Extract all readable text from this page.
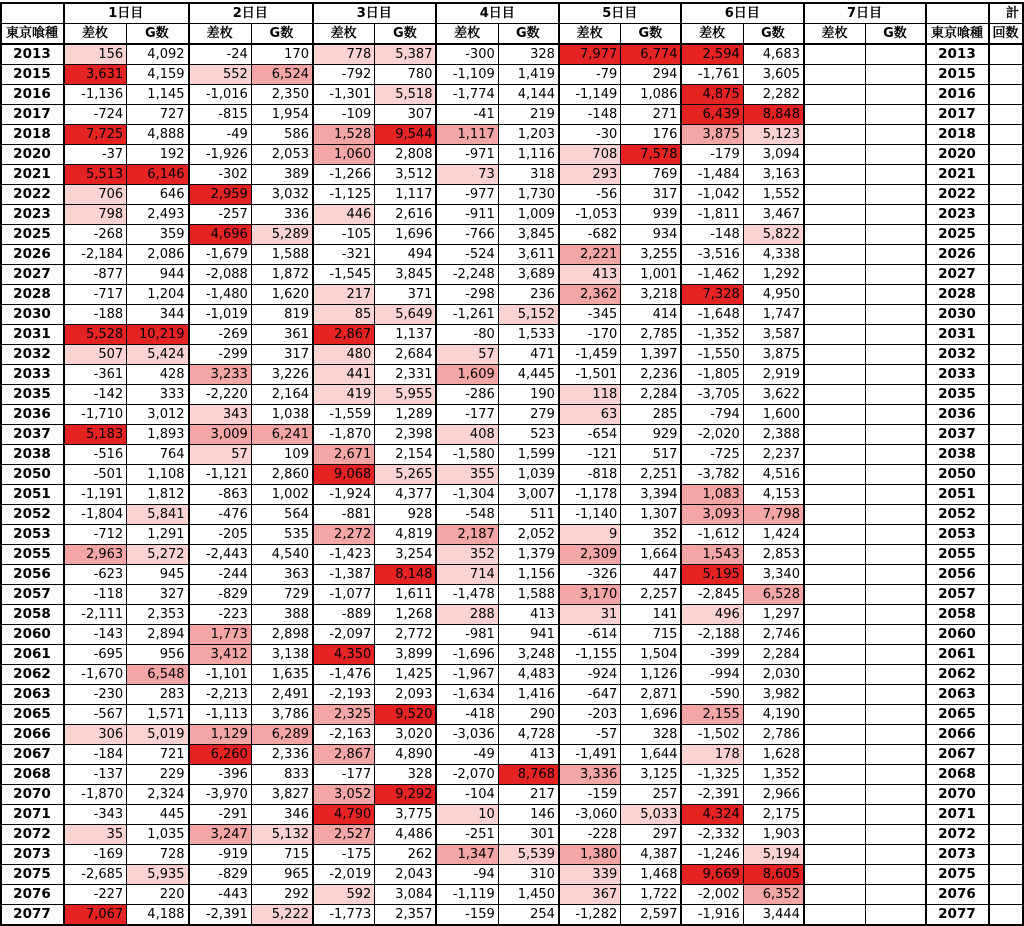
	1日目		2日目		3日目		4日目		5日目		6日目		7日目			計
東京喰種	差枚	G数	差枚	G数	差枚	G数	差枚	G数	差枚	G数	差枚	G数	差枚	G数	東京喰種	回数
2013	156	4,092	-24	170	778	5,387	-300	328	7,977	6,774	2,594	4,683			2013	
2015	3,631	4,159	552	6,524	-792	780	-1,109	1,419	-79	294	-1,761	3,605			2015	
2016	-1,136	1,145	-1,016	2,350	-1,301	5,518	-1,774	4,144	-1,149	1,086	4,875	2,282			2016	
2017	-724	727	-815	1,954	-109	307	-41	219	-148	271	6,439	8,848			2017	
2018	7,725	4,888	-49	586	1,528	9,544	1,117	1,203	-30	176	3,875	5,123			2018	
2020	-37	192	-1,926	2,053	1,060	2,808	-971	1,116	708	7,578	-179	3,094			2020	
2021	5,513	6,146	-302	389	-1,266	3,512	73	318	293	769	-1,484	3,163			2021	
2022	706	646	2,959	3,032	-1,125	1,117	-977	1,730	-56	317	-1,042	1,552			2022	
2023	798	2,493	-257	336	446	2,616	-911	1,009	-1,053	939	-1,811	3,467			2023	
2025	-268	359	4,696	5,289	-105	1,696	-766	3,845	-682	934	-148	5,822			2025	
2026	-2,184	2,086	-1,679	1,588	-321	494	-524	3,611	2,221	3,255	-3,516	4,338			2026	
2027	-877	944	-2,088	1,872	-1,545	3,845	-2,248	3,689	413	1,001	-1,462	1,292			2027	
2028	-717	1,204	-1,480	1,620	217	371	-298	236	2,362	3,218	7,328	4,950			2028	
2030	-188	344	-1,019	819	85	5,649	-1,261	5,152	-345	414	-1,648	1,747			2030	
2031	5,528	10,219	-269	361	2,867	1,137	-80	1,533	-170	2,785	-1,352	3,587			2031	
2032	507	5,424	-299	317	480	2,684	57	471	-1,459	1,397	-1,550	3,875			2032	
2033	-361	428	3,233	3,226	441	2,331	1,609	4,445	-1,501	2,236	-1,805	2,919			2033	
2035	-142	333	-2,220	2,164	419	5,955	-286	190	118	2,284	-3,705	3,622			2035	
2036	-1,710	3,012	343	1,038	-1,559	1,289	-177	279	63	285	-794	1,600			2036	
2037	5,183	1,893	3,009	6,241	-1,870	2,398	408	523	-654	929	-2,020	2,388			2037	
2038	-516	764	57	109	2,671	2,154	-1,580	1,599	-121	517	-725	2,237			2038	
2050	-501	1,108	-1,121	2,860	9,068	5,265	355	1,039	-818	2,251	-3,782	4,516			2050	
2051	-1,191	1,812	-863	1,002	-1,924	4,377	-1,304	3,007	-1,178	3,394	1,083	4,153			2051	
2052	-1,804	5,841	-476	564	-881	928	-548	511	-1,140	1,307	3,093	7,798			2052	
2053	-712	1,291	-205	535	2,272	4,819	2,187	2,052	9	352	-1,612	1,424			2053	
2055	2,963	5,272	-2,443	4,540	-1,423	3,254	352	1,379	2,309	1,664	1,543	2,853			2055	
2056	-623	945	-244	363	-1,387	8,148	714	1,156	-326	447	5,195	3,340			2056	
2057	-118	327	-829	729	-1,077	1,611	-1,478	1,588	3,170	2,257	-2,845	6,528			2057	
2058	-2,111	2,353	-223	388	-889	1,268	288	413	31	141	496	1,297			2058	
2060	-143	2,894	1,773	2,898	-2,097	2,772	-981	941	-614	715	-2,188	2,746			2060	
2061	-695	956	3,412	3,138	4,350	3,899	-1,696	3,248	-1,155	1,504	-399	2,284			2061	
2062	-1,670	6,548	-1,101	1,635	-1,476	1,425	-1,967	4,483	-924	1,126	-994	2,030			2062	
2063	-230	283	-2,213	2,491	-2,193	2,093	-1,634	1,416	-647	2,871	-590	3,982			2063	
2065	-567	1,571	-1,113	3,786	2,325	9,520	-418	290	-203	1,696	2,155	4,190			2065	
2066	306	5,019	1,129	6,289	-2,163	3,020	-3,036	4,728	-57	328	-1,502	2,786			2066	
2067	-184	721	6,260	2,336	2,867	4,890	-49	413	-1,491	1,644	178	1,628			2067	
2068	-137	229	-396	833	-177	328	-2,070	8,768	3,336	3,125	-1,325	1,352			2068	
2070	-1,870	2,324	-3,970	3,827	3,052	9,292	-104	217	-159	257	-2,391	2,966			2070	
2071	-343	445	-291	346	4,790	3,775	10	146	-3,060	5,033	4,324	2,175			2071	
2072	35	1,035	3,247	5,132	2,527	4,486	-251	301	-228	297	-2,332	1,903			2072	
2073	-169	728	-919	715	-175	262	1,347	5,539	1,380	4,387	-1,246	5,194			2073	
2075	-2,685	5,935	-829	965	-2,019	2,043	-94	310	339	1,468	9,669	8,605			2075	
2076	-227	220	-443	292	592	3,084	-1,119	1,450	367	1,722	-2,002	6,352			2076	
2077	7,067	4,188	-2,391	5,222	-1,773	2,357	-159	254	-1,282	2,597	-1,916	3,444			2077	
